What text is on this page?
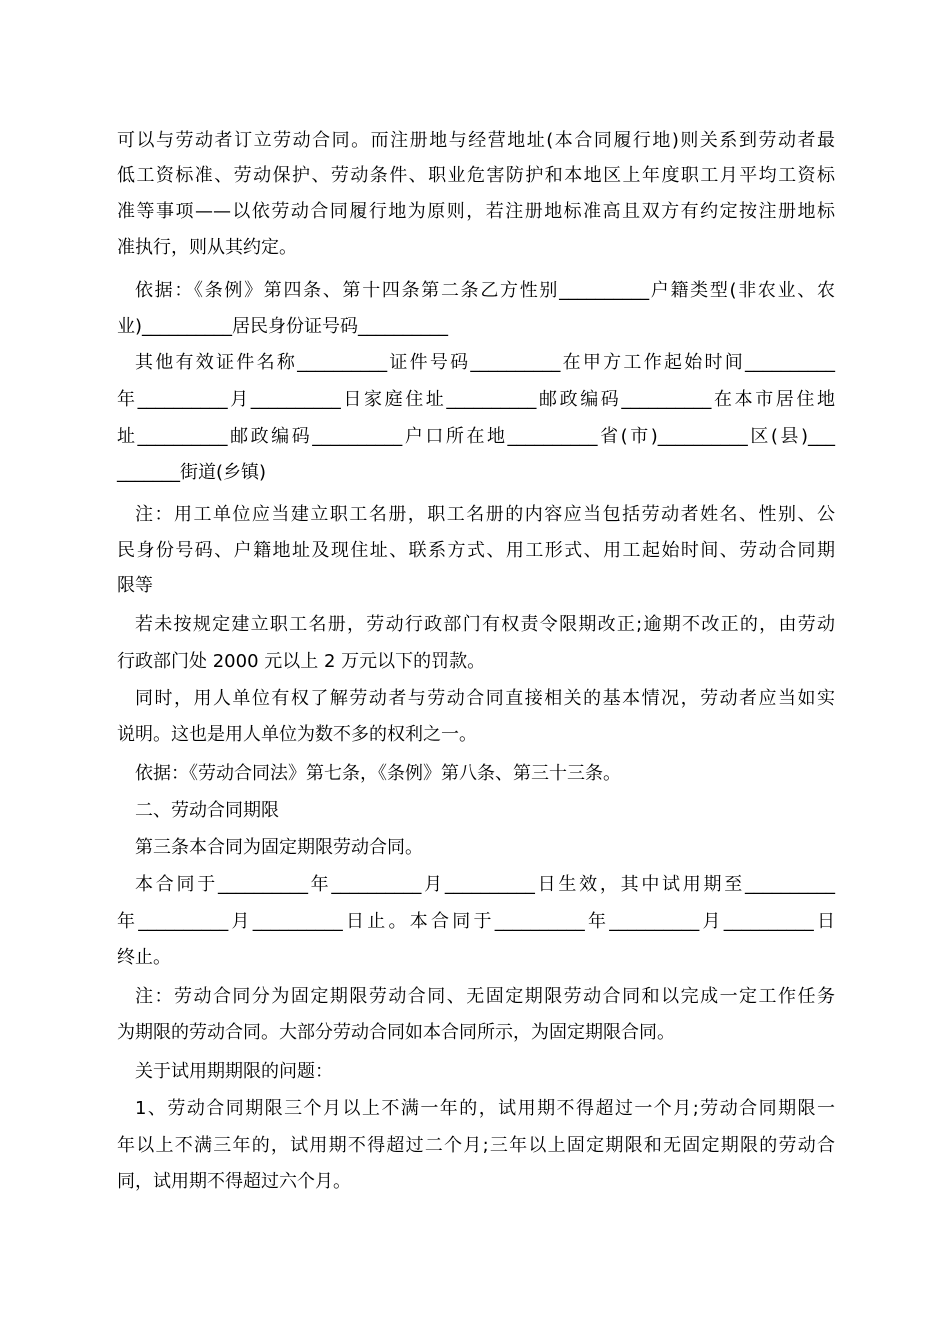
可以与劳动者订立劳动合同。而注册地与经营地址(本合同履行地)则关系到劳动者最
低工资标准、劳动保护、劳动条件、职业危害防护和本地区上年度职工月平均工资标
准等事项——以依劳动合同履行地为原则，若注册地标准高且双方有约定按注册地标
准执行，则从其约定。
依据：《条例》第四条、第十四条第二条乙方性别__________户籍类型(非农业、农
业)__________居民身份证号码__________
其他有效证件名称__________证件号码__________在甲方工作起始时间__________
年__________月__________日家庭住址__________邮政编码__________在本市居住地
址__________邮政编码__________户口所在地__________省(市)__________区(县)___
_______街道(乡镇)
注：用工单位应当建立职工名册，职工名册的内容应当包括劳动者姓名、性别、公
民身份号码、户籍地址及现住址、联系方式、用工形式、用工起始时间、劳动合同期
限等
若未按规定建立职工名册，劳动行政部门有权责令限期改正;逾期不改正的，由劳动
行政部门处 2000 元以上 2 万元以下的罚款。
同时，用人单位有权了解劳动者与劳动合同直接相关的基本情况，劳动者应当如实
说明。这也是用人单位为数不多的权利之一。
依据：《劳动合同法》第七条，《条例》第八条、第三十三条。
二、劳动合同期限
第三条本合同为固定期限劳动合同。
本合同于__________年__________月__________日生效，其中试用期至__________
年__________月__________日止。本合同于__________年__________月__________日
终止。
注：劳动合同分为固定期限劳动合同、无固定期限劳动合同和以完成一定工作任务
为期限的劳动合同。大部分劳动合同如本合同所示，为固定期限合同。
关于试用期期限的问题：
1、劳动合同期限三个月以上不满一年的，试用期不得超过一个月;劳动合同期限一
年以上不满三年的，试用期不得超过二个月;三年以上固定期限和无固定期限的劳动合
同，试用期不得超过六个月。
